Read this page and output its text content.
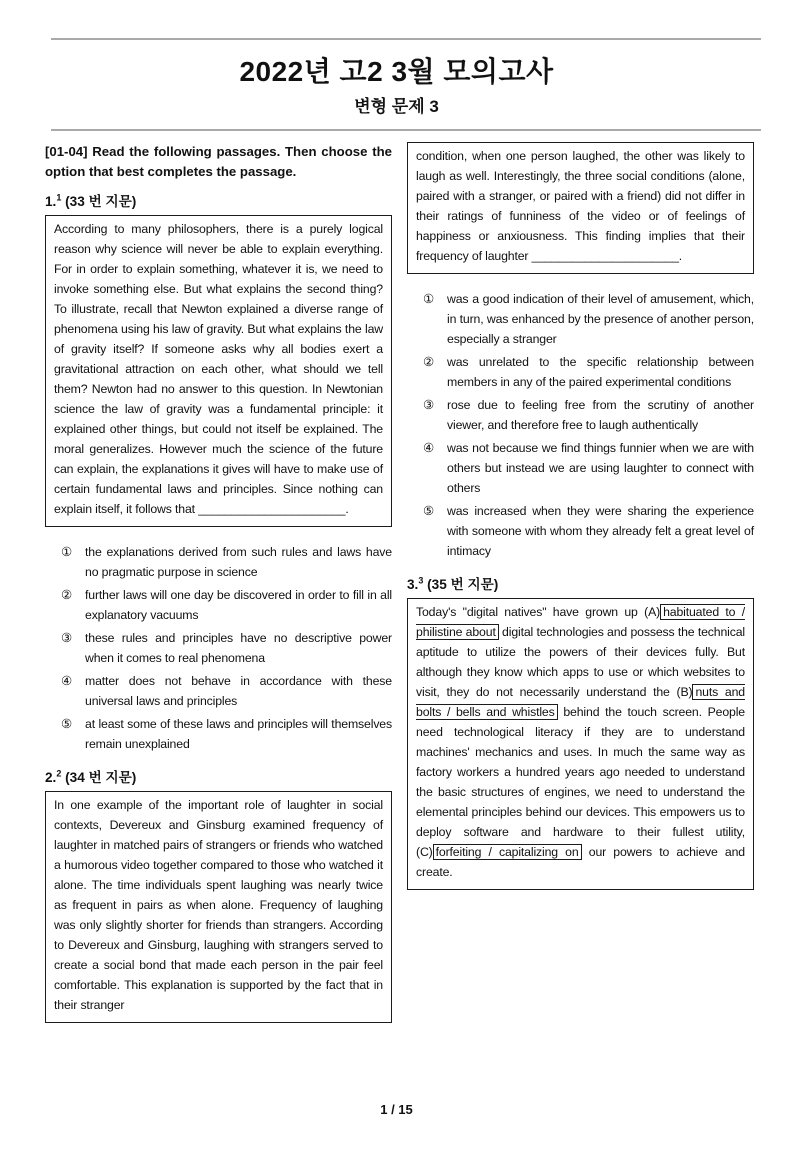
2022년 고2 3월 모의고사
변형 문제 3

[01-04] Read the following passages. Then choose the option that best completes the passage.

1.$^1$ (33 번 지문)
According to many philosophers, there is a purely logical reason why science will never be able to explain everything. For in order to explain something, whatever it is, we need to invoke something else. But what explains the second thing? To illustrate, recall that Newton explained a diverse range of phenomena using his law of gravity. But what explains the law of gravity itself? If someone asks why all bodies exert a gravitational attraction on each other, what should we tell them? Newton had no answer to this question. In Newtonian science the law of gravity was a fundamental principle: it explained other things, but could not itself be explained. The moral generalizes. However much the science of the future can explain, the explanations it gives will have to make use of certain fundamental laws and principles. Since nothing can explain itself, it follows that ______________________.
①	the explanations derived from such rules and laws have no pragmatic purpose in science
②	further laws will one day be discovered in order to fill in all explanatory vacuums
③	these rules and principles have no descriptive power when it comes to real phenomena
④	matter does not behave in accordance with these universal laws and principles
⑤	at least some of these laws and principles will themselves remain unexplained
2.$^2$ (34 번 지문)
In one example of the important role of laughter in social contexts, Devereux and Ginsburg examined frequency of laughter in matched pairs of strangers or friends who watched a humorous video together compared to those who watched it alone. The time individuals spent laughing was nearly twice as frequent in pairs as when alone. Frequency of laughing was only slightly shorter for friends than strangers. According to Devereux and Ginsburg, laughing with strangers served to create a social bond that made each person in the pair feel comfortable. This explanation is supported by the fact that in their stranger
condition, when one person laughed, the other was likely to laugh as well. Interestingly, the three social conditions (alone, paired with a stranger, or paired with a friend) did not differ in their ratings of funniness of the video or of feelings of happiness or anxiousness. This finding implies that their frequency of laughter ______________________.
①	was a good indication of their level of amusement, which, in turn, was enhanced by the presence of another person, especially a stranger
②	was unrelated to the specific relationship between members in any of the paired experimental conditions
③	rose due to feeling free from the scrutiny of another viewer, and therefore free to laugh authentically
④	was not because we find things funnier when we are with others but instead we are using laughter to connect with others
⑤	was increased when they were sharing the experience with someone with whom they already felt a great level of intimacy
3.$^3$ (35 번 지문)
Today's "digital natives" have grown up (A) habituated to / philistine about digital technologies and possess the technical aptitude to utilize the powers of their devices fully. But although they know which apps to use or which websites to visit, they do not necessarily understand the (B) nuts and bolts / bells and whistles behind the touch screen. People need technological literacy if they are to understand machines' mechanics and uses. In much the same way as factory workers a hundred years ago needed to understand the basic structures of engines, we need to understand the elemental principles behind our devices. This empowers us to deploy software and hardware to their fullest utility, (C) forfeiting / capitalizing on our powers to achieve and create.
1 / 15
